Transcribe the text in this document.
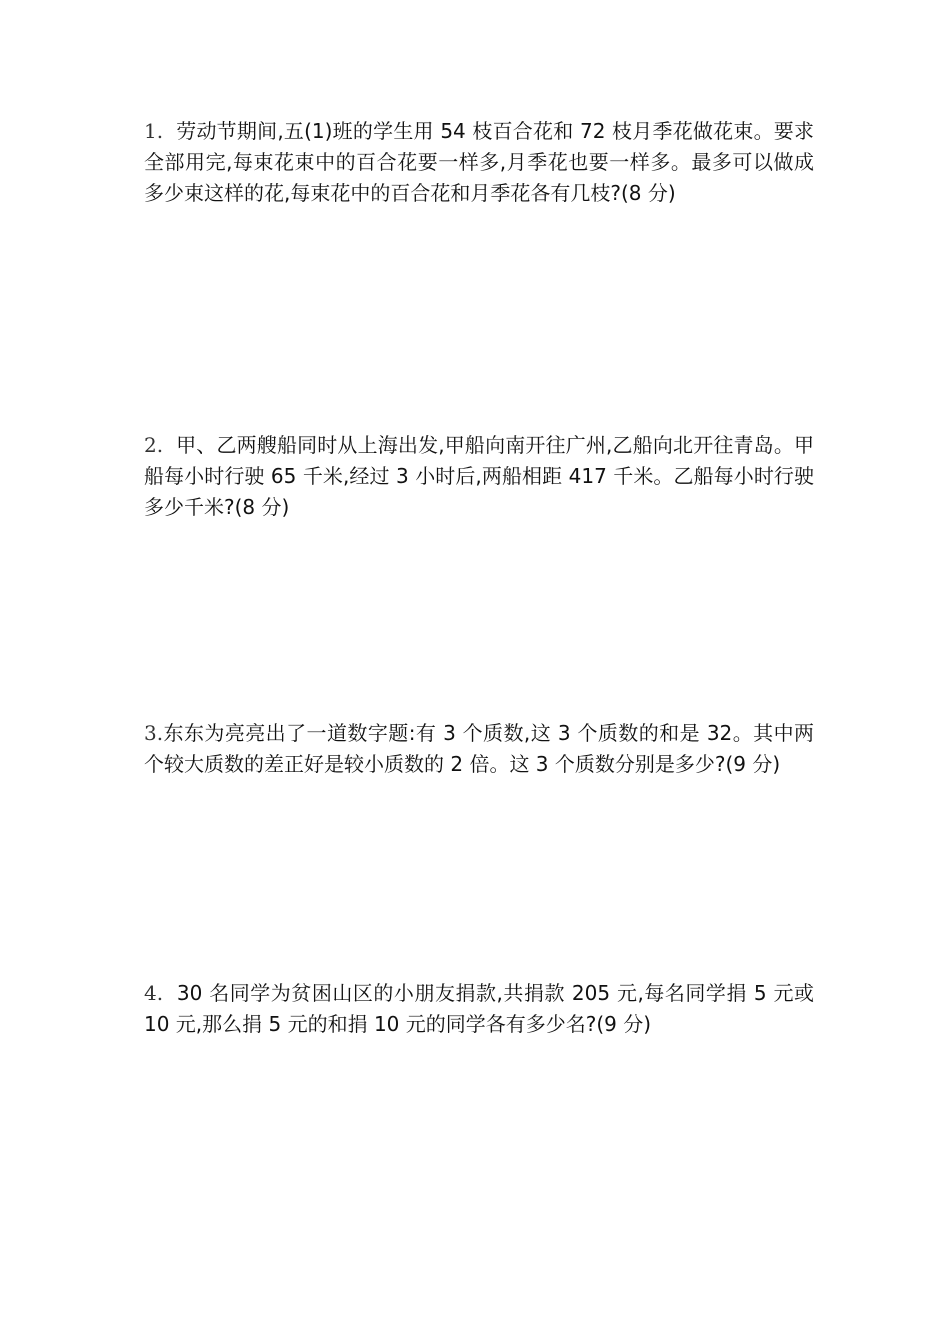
1. 劳动节期间,五(1)班的学生用 54 枝百合花和 72 枝月季花做花束。要求全部用完,每束花束中的百合花要一样多,月季花也要一样多。最多可以做成多少束这样的花,每束花中的百合花和月季花各有几枝?(8 分)

2. 甲、乙两艘船同时从上海出发,甲船向南开往广州,乙船向北开往青岛。甲船每小时行驶 65 千米,经过 3 小时后,两船相距 417 千米。乙船每小时行驶多少千米?(8 分)

3.东东为亮亮出了一道数字题:有 3 个质数,这 3 个质数的和是 32。其中两个较大质数的差正好是较小质数的 2 倍。这 3 个质数分别是多少?(9 分)

4. 30 名同学为贫困山区的小朋友捐款,共捐款 205 元,每名同学捐 5 元或 10 元,那么捐 5 元的和捐 10 元的同学各有多少名?(9 分)
